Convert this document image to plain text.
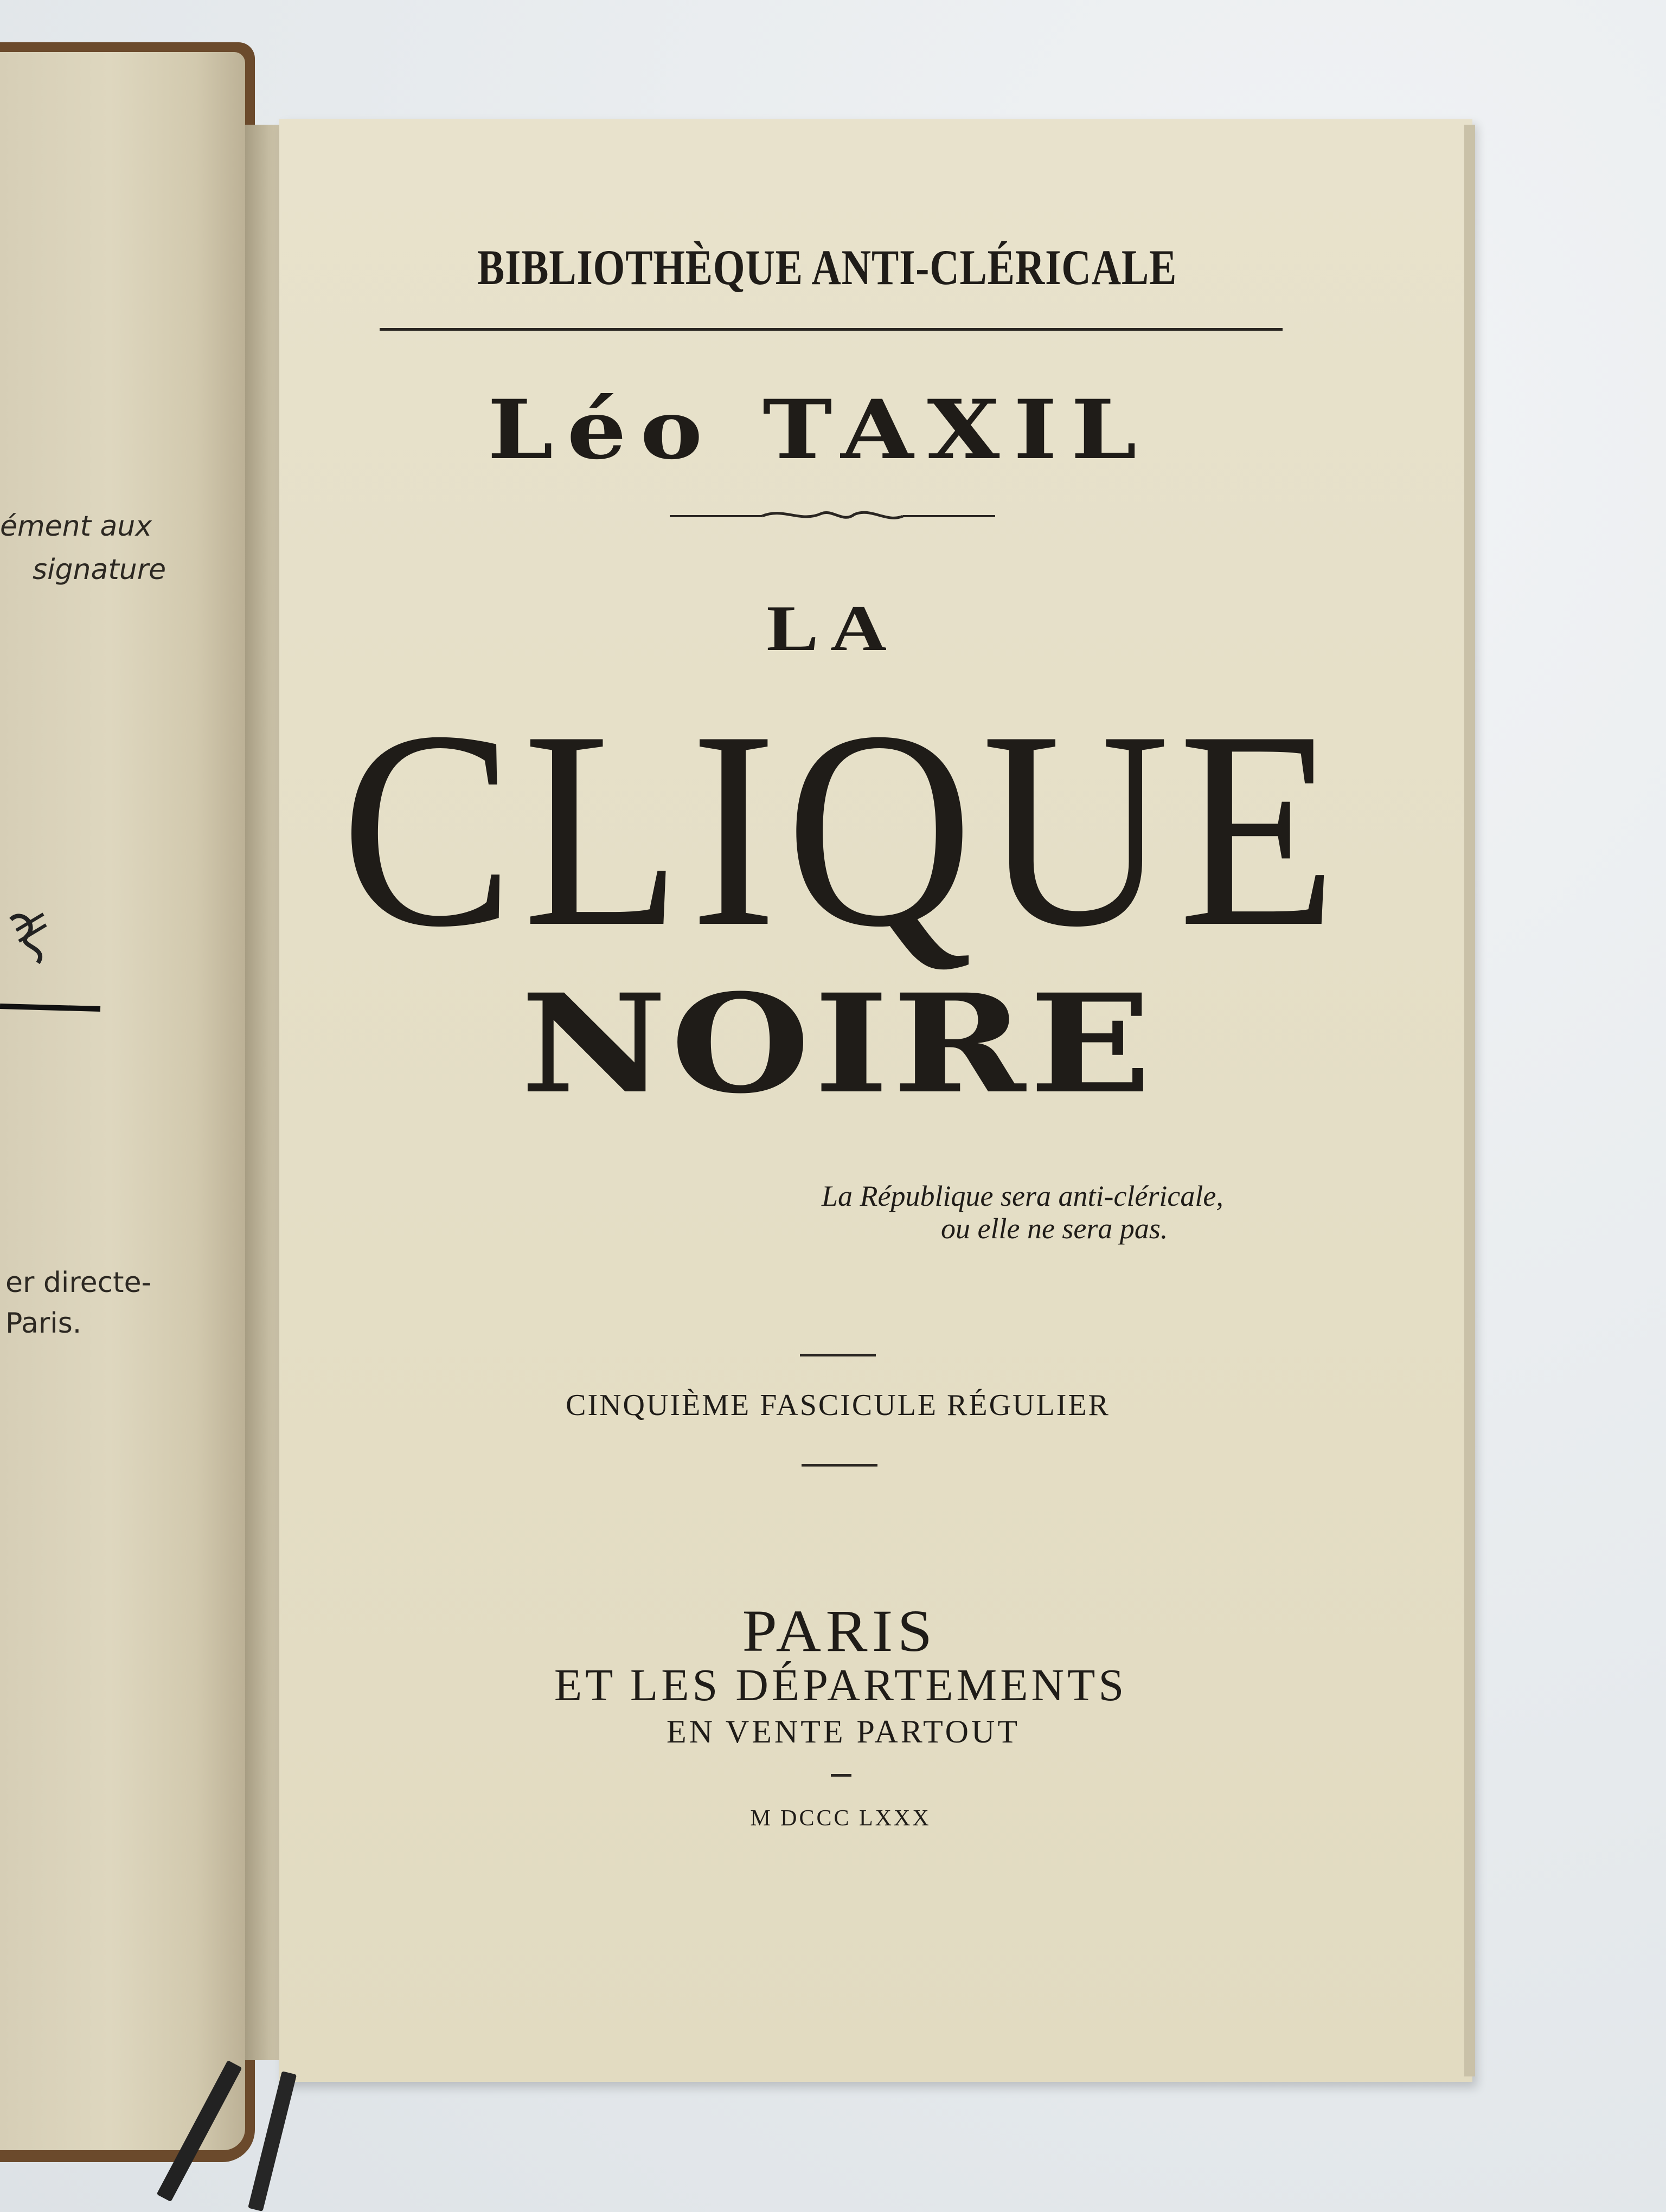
ément aux
signature
er directe-
Paris.
BIBLIOTHÈQUE ANTI-CLÉRICALE
Léo TAXIL
LA
CLIQUE
NOIRE
La République sera anti-cléricale,
ou elle ne sera pas.
CINQUIÈME FASCICULE RÉGULIER
PARIS
ET LES DÉPARTEMENTS
EN VENTE PARTOUT
M DCCC LXXX
